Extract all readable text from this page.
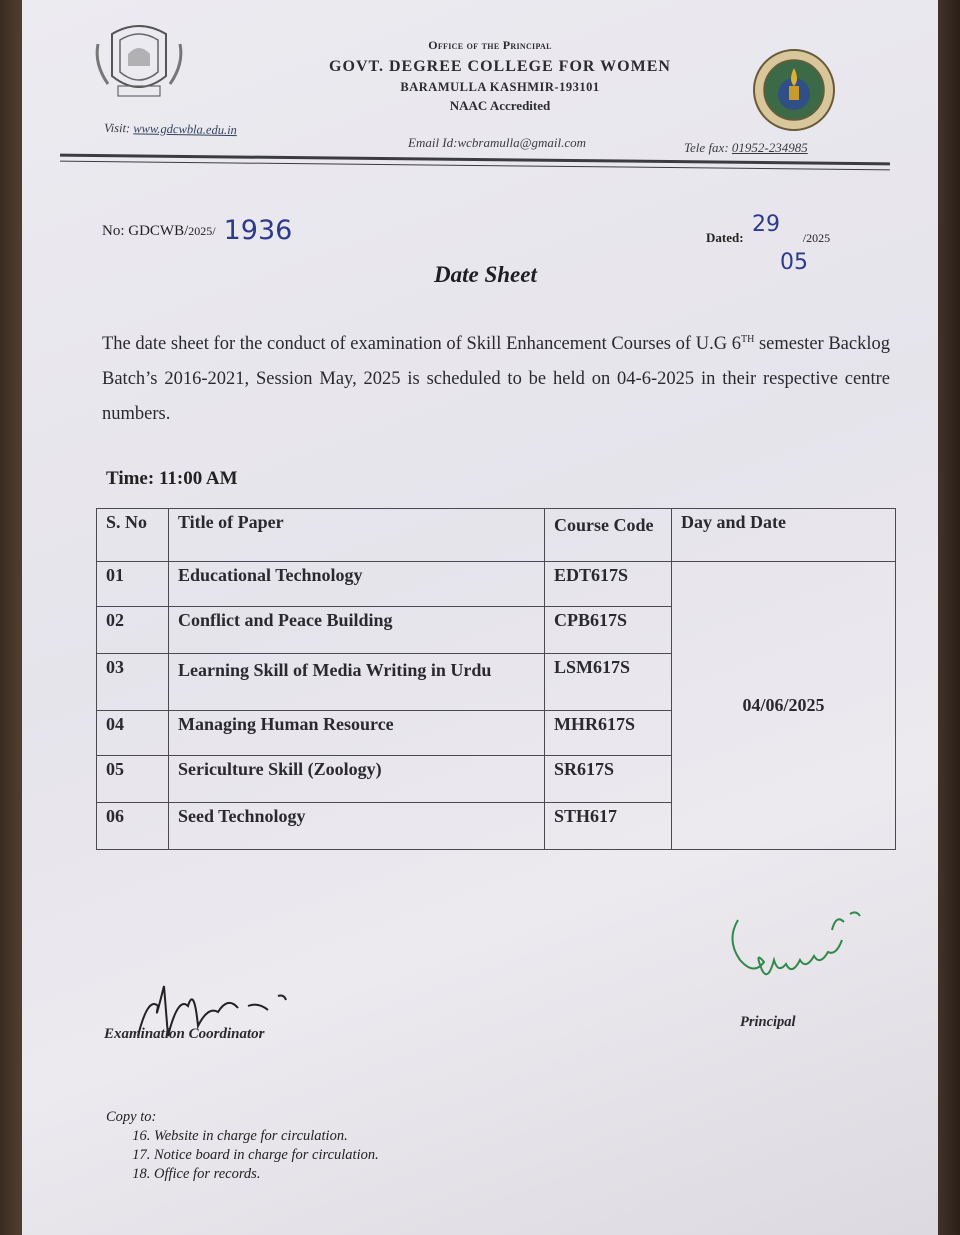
Office of the Principal
GOVT. DEGREE COLLEGE FOR WOMEN
BARAMULLA KASHMIR-193101
NAAC Accredited
Visit: www.gdcwbla.edu.in
Email Id:wcbramulla@gmail.com	Tele fax: 01952-234985
No: GDCWB/2025/ 1936	Dated:	/2025
29
05
Date Sheet
The date sheet for the conduct of examination of Skill Enhancement Courses of U.G 6TH semester Backlog Batch’s 2016-2021, Session May, 2025 is scheduled to be held on 04-6-2025 in their respective centre numbers.
Time: 11:00 AM
S. No	Title of Paper	Course Code	Day and Date
01	Educational Technology	EDT617S	04/06/2025
02	Conflict and Peace Building	CPB617S	
03	Learning Skill of Media Writing in Urdu	LSM617S	
04	Managing Human Resource	MHR617S	
05	Sericulture Skill (Zoology)	SR617S	
06	Seed Technology	STH617	
Examination Coordinator
Principal
Copy to:
16. Website in charge for circulation.
17. Notice board in charge for circulation.
18. Office for records.
